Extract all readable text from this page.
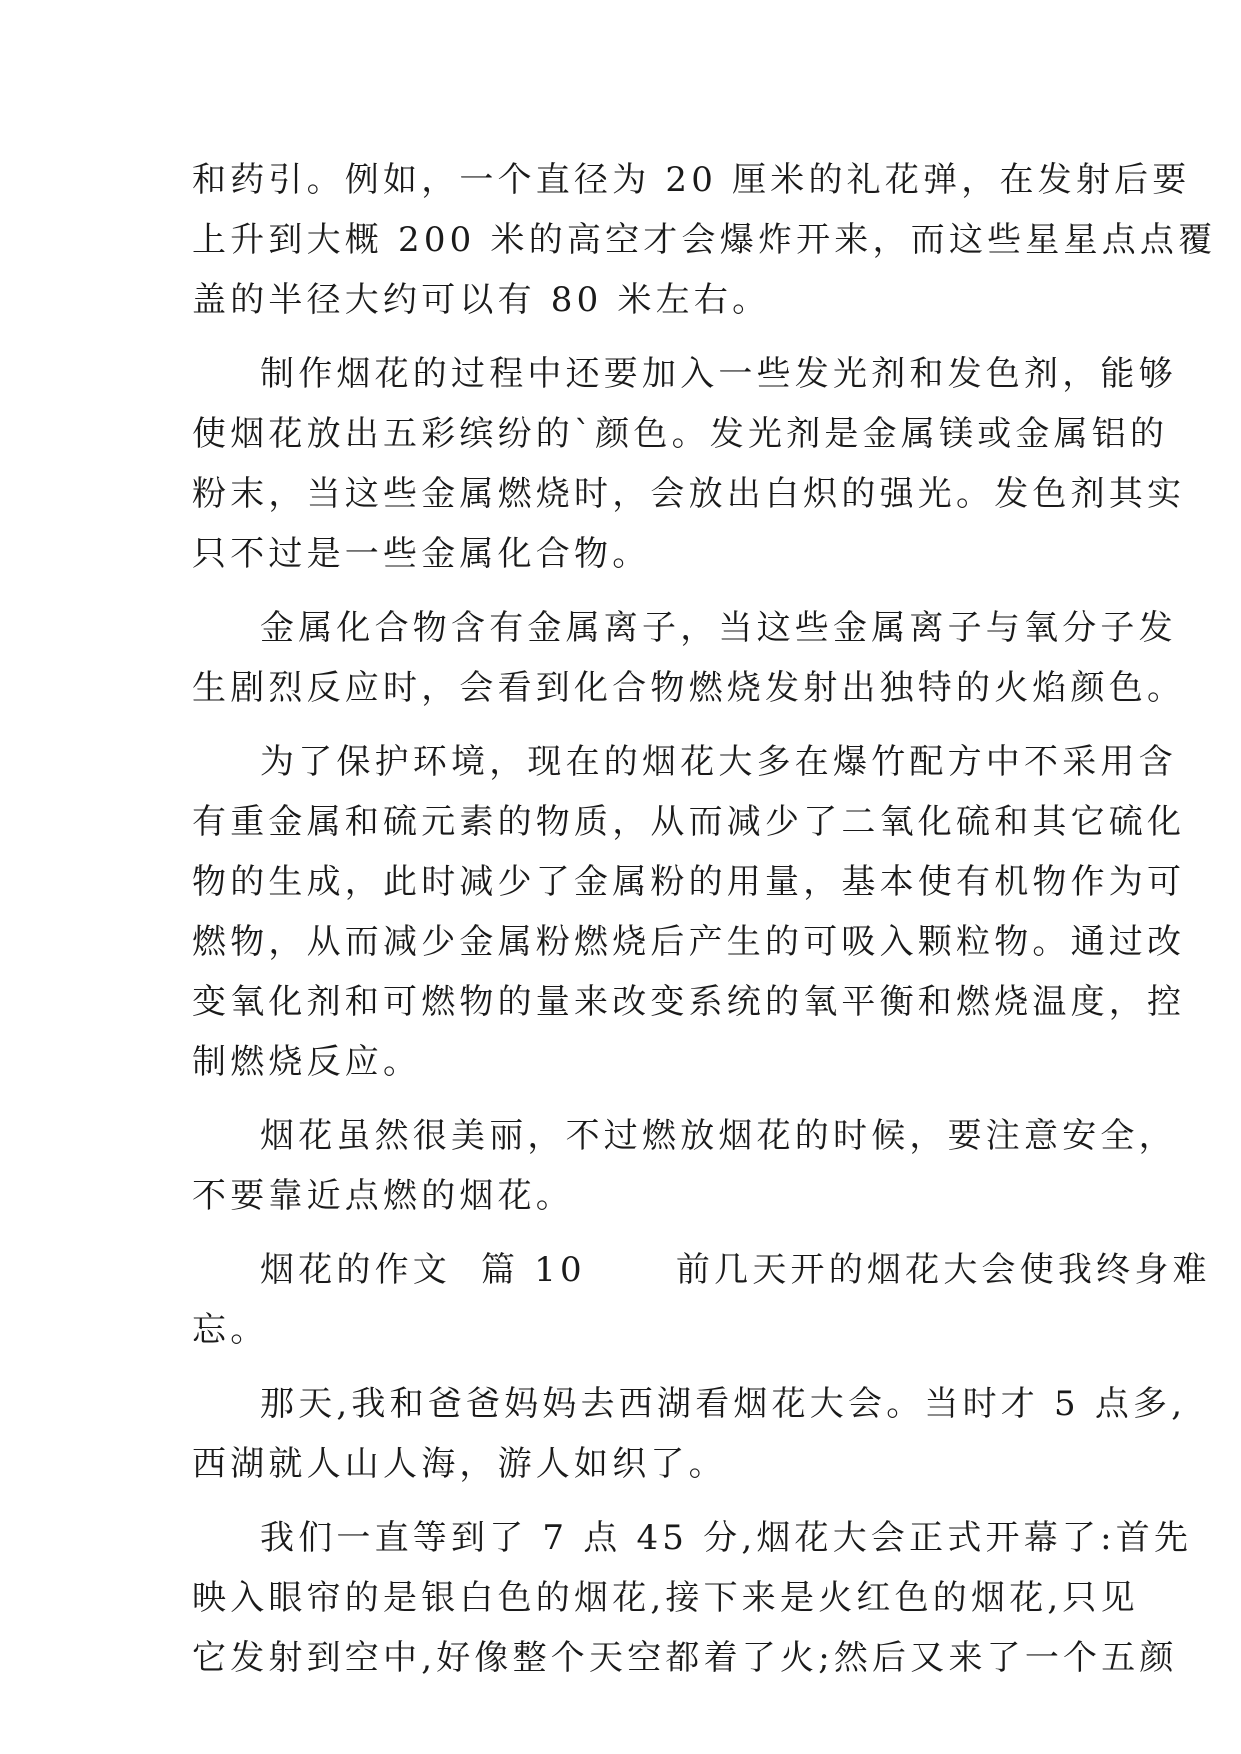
和药引。例如，一个直径为 20 厘米的礼花弹，在发射后要
上升到大概 200 米的高空才会爆炸开来，而这些星星点点覆
盖的半径大约可以有 80 米左右。
制作烟花的过程中还要加入一些发光剂和发色剂，能够
使烟花放出五彩缤纷的`颜色。发光剂是金属镁或金属铝的
粉末，当这些金属燃烧时，会放出白炽的强光。发色剂其实
只不过是一些金属化合物。
金属化合物含有金属离子，当这些金属离子与氧分子发
生剧烈反应时，会看到化合物燃烧发射出独特的火焰颜色。
为了保护环境，现在的烟花大多在爆竹配方中不采用含
有重金属和硫元素的物质，从而减少了二氧化硫和其它硫化
物的生成，此时减少了金属粉的用量，基本使有机物作为可
燃物，从而减少金属粉燃烧后产生的可吸入颗粒物。通过改
变氧化剂和可燃物的量来改变系统的氧平衡和燃烧温度，控
制燃烧反应。
烟花虽然很美丽，不过燃放烟花的时候，要注意安全，
不要靠近点燃的烟花。
烟花的作文  篇 10      前几天开的烟花大会使我终身难
忘。
那天,我和爸爸妈妈去西湖看烟花大会。当时才 5 点多,
西湖就人山人海，游人如织了。
我们一直等到了 7 点 45 分,烟花大会正式开幕了:首先
映入眼帘的是银白色的烟花,接下来是火红色的烟花,只见
它发射到空中,好像整个天空都着了火;然后又来了一个五颜
